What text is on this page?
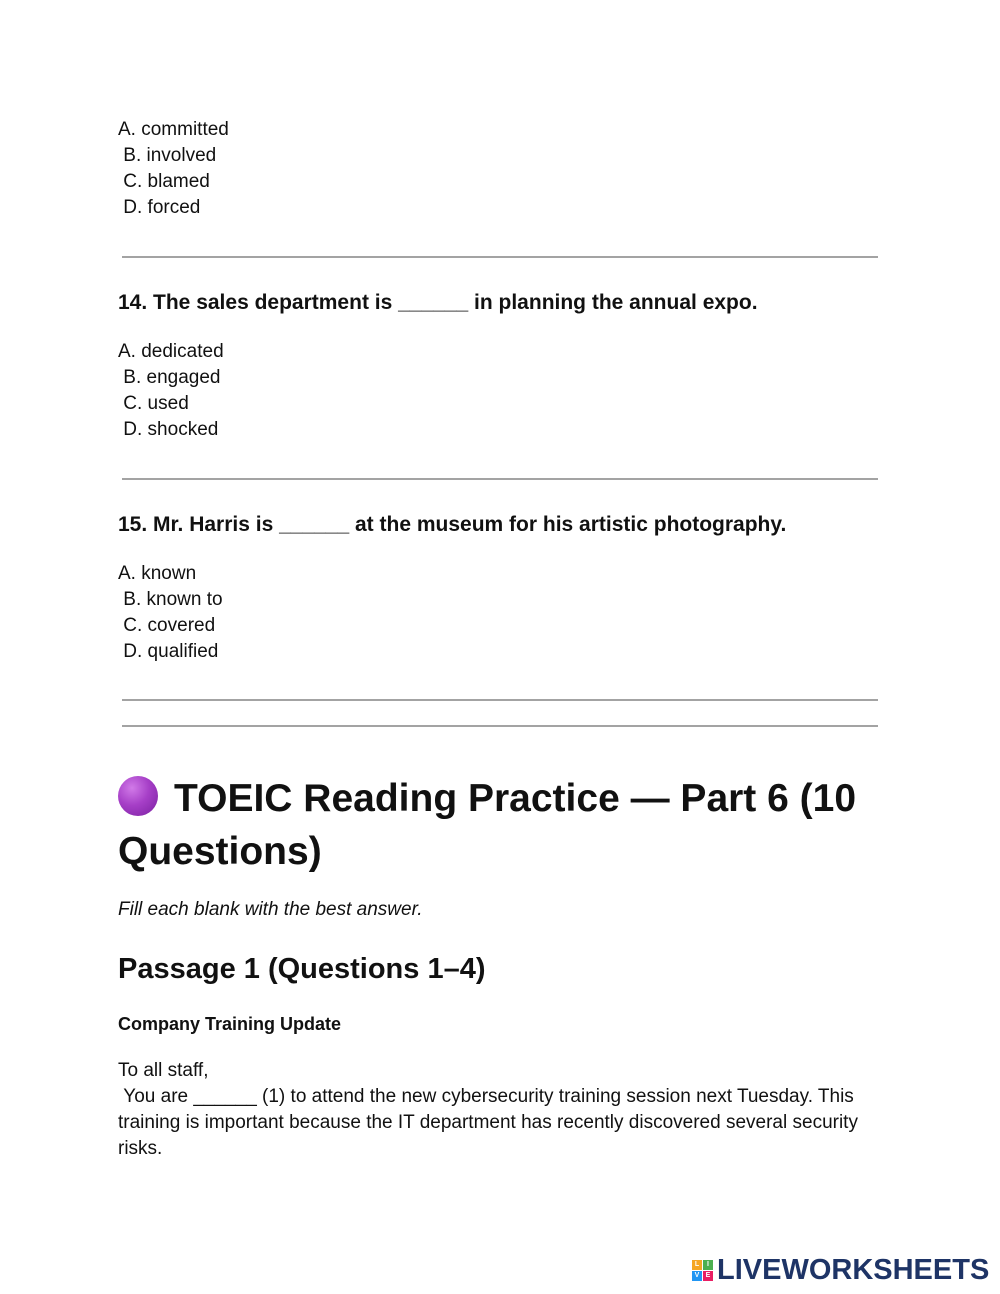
A. committed
B. involved
C. blamed
D. forced
14. The sales department is ______ in planning the annual expo.
A. dedicated
B. engaged
C. used
D. shocked
15. Mr. Harris is ______ at the museum for his artistic photography.
A. known
B. known to
C. covered
D. qualified
TOEIC Reading Practice — Part 6 (10 Questions)
Fill each blank with the best answer.
Passage 1 (Questions 1–4)
Company Training Update
To all staff,
You are ______ (1) to attend the new cybersecurity training session next Tuesday. This training is important because the IT department has recently discovered several security risks.
L	I
V E LIVEWORKSHEETS
